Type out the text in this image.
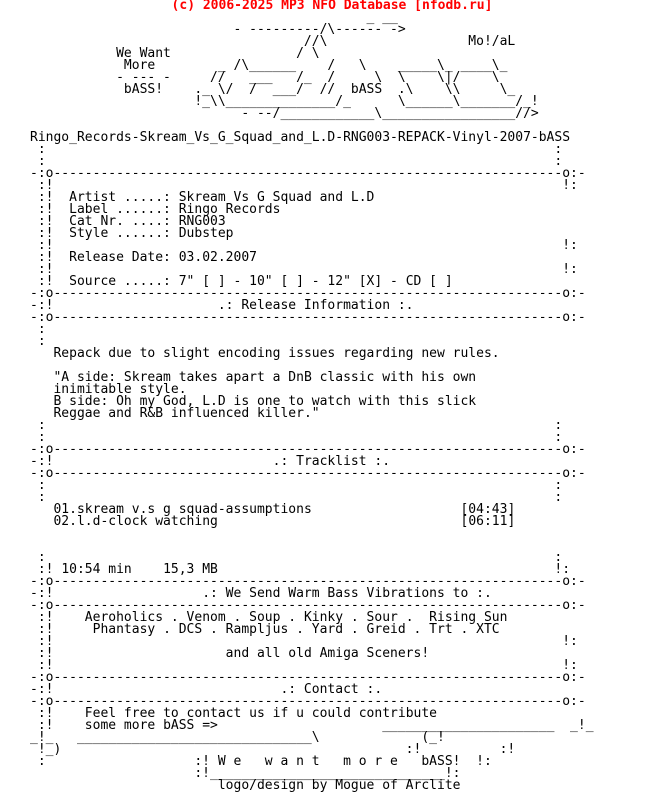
(c) 2006-2025 MP3 NFO Database [nfodb.ru]
_ __
- ---------/\------ ->
//\                  Mo!/aL
We Want                / \
More        _ /\______    /   \    _____\_ ____\_
- --- -     //   ___   /_  /     \  \    \|/    \
bASS!    ._ \/  /  ___/  //  bASS  .\    \\     \_
!_\\______________/_      \______\_______/_!
- --/____________\_________________//>
Ringo_Records-Skream_Vs_G_Squad_and_L.D-RNG003-REPACK-Vinyl-2007-bASS
:                                                                 :
:                                                                 :
-:o-----------------------------------------------------------------o:-
:!                                                                 !:
:!  Artist .....: Skream Vs G Squad and L.D
:!  Label ......: Ringo Records
:!  Cat Nr. ....: RNG003
:!  Style ......: Dubstep
:!                                                                 !:
:!  Release Date: 03.02.2007
:!                                                                 !:
:!  Source .....: 7" [ ] - 10" [ ] - 12" [X] - CD [ ]
-:o-----------------------------------------------------------------o:-
-:!	.: Release Information :.
-:o-----------------------------------------------------------------o:-
:
:
Repack due to slight encoding issues regarding new rules.

"A side: Skream takes apart a DnB classic with his own
inimitable style.
B side: Oh my God, L.D is one to watch with this slick
Reggae and R&B influenced killer."
:                                                                 :
:                                                                 :
-:o-----------------------------------------------------------------o:-
-:!	.: Tracklist :.
-:o-----------------------------------------------------------------o:-
:                                                                 :
:                                                                 :
01.skream v.s g squad-assumptions	[04:43]
02.l.d-clock watching	[06:11]

:                                                                 :
:! 10:54 min 15,3 MB	!:
-:o-----------------------------------------------------------------o:-
-:!	.: We Send Warm Bass Vibrations to :.
-:o-----------------------------------------------------------------o:-
:!    Aeroholics . Venom . Soup . Kinky . Sour .  Rising Sun
:!	Phantasy . DCS . Rampljus . Yard . Greid . Trt . XTC
:!                                                                 !:
:!	and all old Amiga Sceners!
:!                                                                 !:
-:o-----------------------------------------------------------------o:-
-:!	.: Contact :.
-:o-----------------------------------------------------------------o:-
:!    Feel free to contact us if u could contribute
:!    some more bASS =>	______________________  _!_
_!_   ______________________________\             (_!
!_)                                            :!          :!
:                   :! W e   w a n t   m o r e   bASS!  !:
:!______________________________!:
logo/design by Mogue of Arclite
